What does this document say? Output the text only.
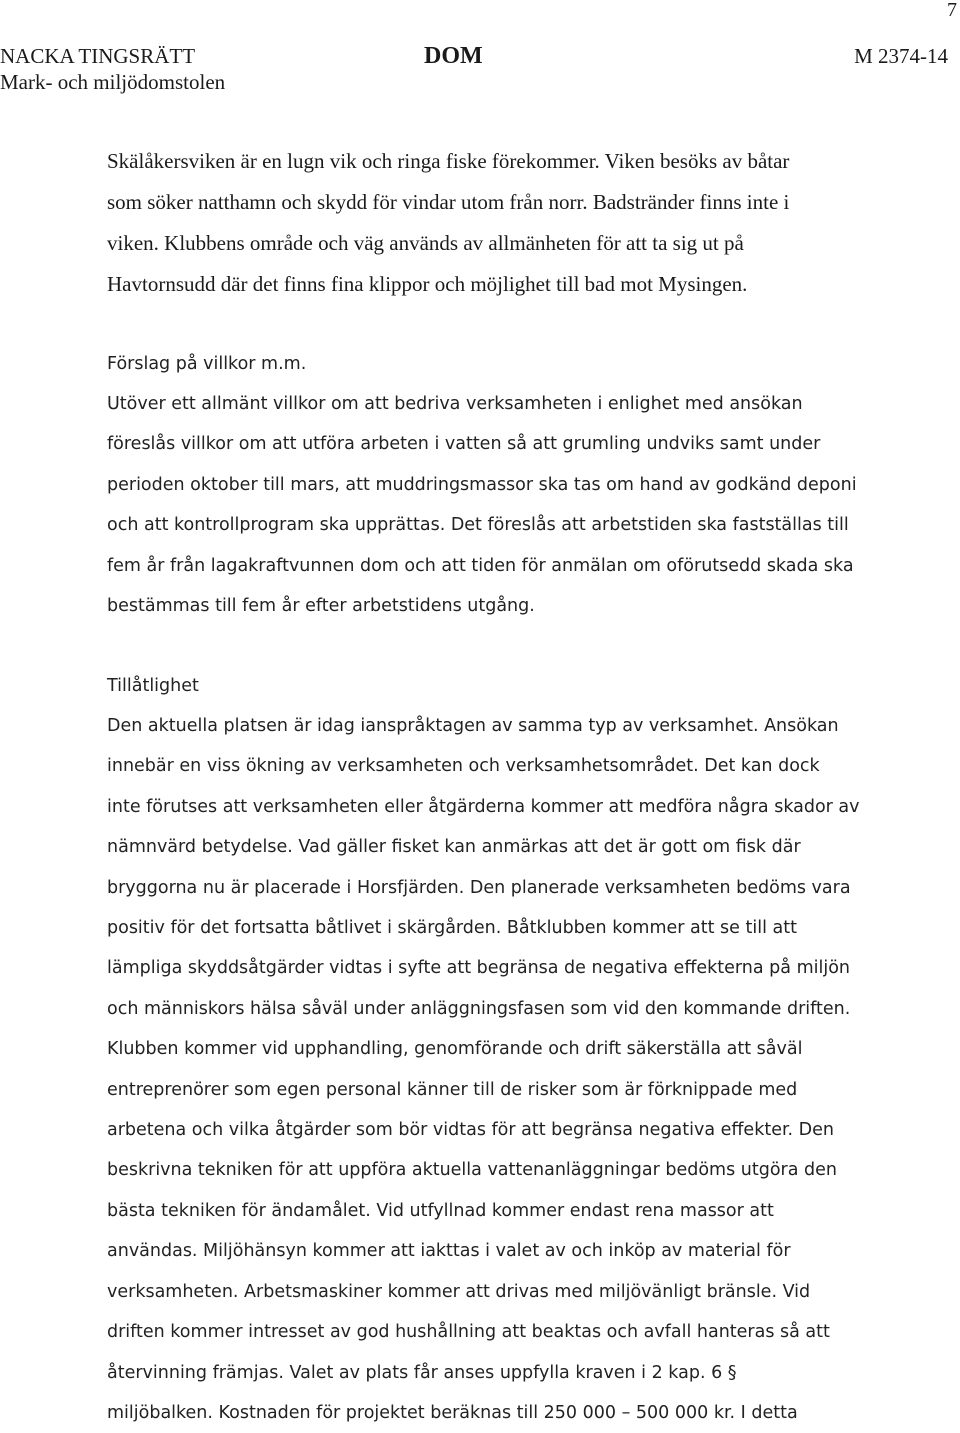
7
NACKA TINGSRÄTT
Mark- och miljödomstolen
DOM	M 2374-14
Skälåkersviken är en lugn vik och ringa fiske förekommer. Viken besöks av båtar
som söker natthamn och skydd för vindar utom från norr. Badstränder finns inte i
viken. Klubbens område och väg används av allmänheten för att ta sig ut på
Havtornsudd där det finns fina klippor och möjlighet till bad mot Mysingen.
Förslag på villkor m.m.
Utöver ett allmänt villkor om att bedriva verksamheten i enlighet med ansökan
föreslås villkor om att utföra arbeten i vatten så att grumling undviks samt under
perioden oktober till mars, att muddringsmassor ska tas om hand av godkänd deponi
och att kontrollprogram ska upprättas. Det föreslås att arbetstiden ska fastställas till
fem år från lagakraftvunnen dom och att tiden för anmälan om oförutsedd skada ska
bestämmas till fem år efter arbetstidens utgång.
Tillåtlighet
Den aktuella platsen är idag ianspråktagen av samma typ av verksamhet. Ansökan
innebär en viss ökning av verksamheten och verksamhetsområdet. Det kan dock
inte förutses att verksamheten eller åtgärderna kommer att medföra några skador av
nämnvärd betydelse. Vad gäller fisket kan anmärkas att det är gott om fisk där
bryggorna nu är placerade i Horsfjärden. Den planerade verksamheten bedöms vara
positiv för det fortsatta båtlivet i skärgården. Båtklubben kommer att se till att
lämpliga skyddsåtgärder vidtas i syfte att begränsa de negativa effekterna på miljön
och människors hälsa såväl under anläggningsfasen som vid den kommande driften.
Klubben kommer vid upphandling, genomförande och drift säkerställa att såväl
entreprenörer som egen personal känner till de risker som är förknippade med
arbetena och vilka åtgärder som bör vidtas för att begränsa negativa effekter. Den
beskrivna tekniken för att uppföra aktuella vattenanläggningar bedöms utgöra den
bästa tekniken för ändamålet. Vid utfyllnad kommer endast rena massor att
användas. Miljöhänsyn kommer att iakttas i valet av och inköp av material för
verksamheten. Arbetsmaskiner kommer att drivas med miljövänligt bränsle. Vid
driften kommer intresset av god hushållning att beaktas och avfall hanteras så att
återvinning främjas. Valet av plats får anses uppfylla kraven i 2 kap. 6 §
miljöbalken. Kostnaden för projektet beräknas till 250 000 – 500 000 kr. I detta
